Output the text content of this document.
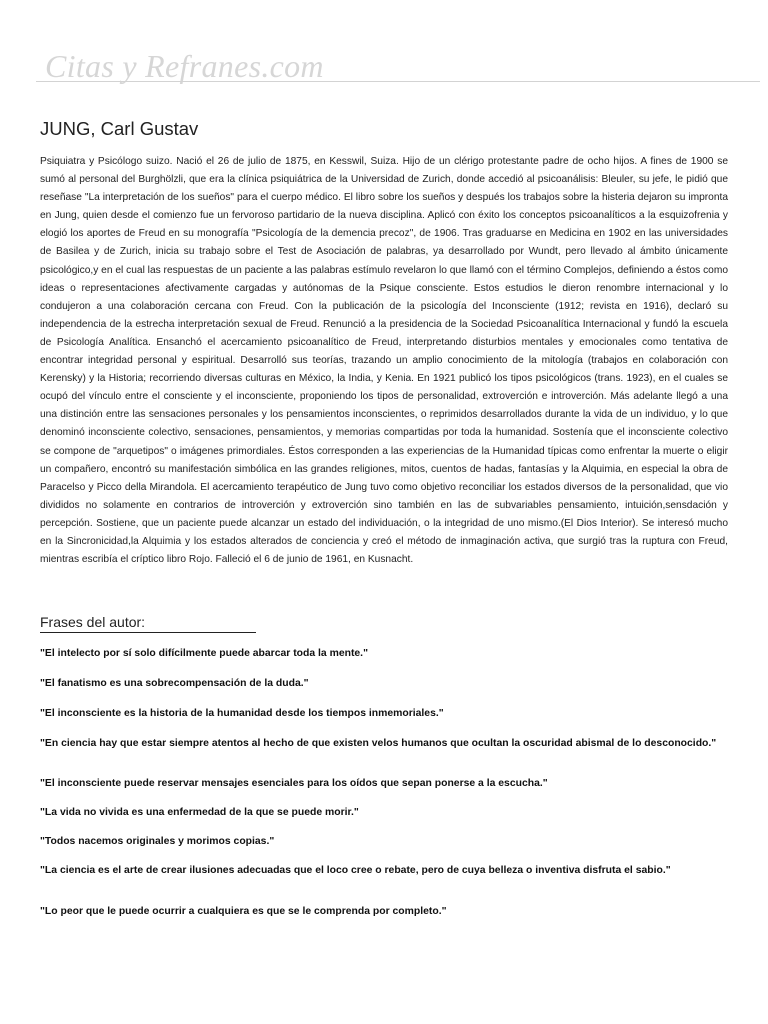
Citas y Refranes.com
JUNG, Carl Gustav

Psiquiatra y Psicólogo suizo. Nació el 26 de julio de 1875, en Kesswil, Suiza. Hijo de un clérigo protestante padre de ocho hijos. A fines de 1900 se sumó al personal del Burghölzli, que era la clínica psiquiátrica de la Universidad de Zurich, donde accedió al psicoanálisis: Bleuler, su jefe, le pidió que reseñase "La interpretación de los sueños" para el cuerpo médico. El libro sobre los sueños y después los trabajos sobre la histeria dejaron su impronta en Jung, quien desde el comienzo fue un fervoroso partidario de la nueva disciplina. Aplicó con éxito los conceptos psicoanalíticos a la esquizofrenia y elogió los aportes de Freud en su monografía "Psicología de la demencia precoz", de 1906. Tras graduarse en Medicina en 1902 en las universidades de Basilea y de Zurich, inicia su trabajo sobre el Test de Asociación de palabras, ya desarrollado por Wundt, pero llevado al ámbito únicamente psicológico,y en el cual las respuestas de un paciente a las palabras estímulo revelaron lo que llamó con el término Complejos, definiendo a éstos como ideas o representaciones afectivamente cargadas y autónomas de la Psique consciente. Estos estudios le dieron renombre internacional y lo condujeron a una colaboración cercana con Freud. Con la publicación de la psicología del Inconsciente (1912; revista en 1916), declaró su independencia de la estrecha interpretación sexual de Freud. Renunció a la presidencia de la Sociedad Psicoanalítica Internacional y fundó la escuela de Psicología Analítica. Ensanchó el acercamiento psicoanalítico de Freud, interpretando disturbios mentales y emocionales como tentativa de encontrar integridad personal y espiritual. Desarrolló sus teorías, trazando un amplio conocimiento de la mitología (trabajos en colaboración con Kerensky) y la Historia; recorriendo diversas culturas en México, la India, y Kenia. En 1921 publicó los tipos psicológicos (trans. 1923), en el cuales se ocupó del vínculo entre el consciente y el inconsciente, proponiendo los tipos de personalidad, extroverción e introverción. Más adelante llegó a una una distinción entre las sensaciones personales y los pensamientos inconscientes, o reprimidos desarrollados durante la vida de un individuo, y lo que denominó inconsciente colectivo, sensaciones, pensamientos, y memorias compartidas por toda la humanidad. Sostenía que el inconsciente colectivo se compone de "arquetipos" o imágenes primordiales. Éstos corresponden a las experiencias de la Humanidad típicas como enfrentar la muerte o eligir un compañero, encontró su manifestación simbólica en las grandes religiones, mitos, cuentos de hadas, fantasías y la Alquimia, en especial la obra de Paracelso y Picco della Mirandola. El acercamiento terapéutico de Jung tuvo como objetivo reconciliar los estados diversos de la personalidad, que vio divididos no solamente en contrarios de introverción y extroverción sino también en las de subvariables pensamiento, intuición,sensdación y percepción. Sostiene, que un paciente puede alcanzar un estado del individuación, o la integridad de uno mismo.(El Dios Interior). Se interesó mucho en la Sincronicidad,la Alquimia y los estados alterados de conciencia y creó el método de inmaginación activa, que surgió tras la ruptura con Freud, mientras escribía el críptico libro Rojo. Falleció el 6 de junio de 1961, en Kusnacht.

Frases del autor:

"El intelecto por sí solo difícilmente puede abarcar toda la mente."

"El fanatismo es una sobrecompensación de la duda."

"El inconsciente es la historia de la humanidad desde los tiempos inmemoriales."

"En ciencia hay que estar siempre atentos al hecho de que existen velos humanos que ocultan la oscuridad abismal de lo desconocido."

"El inconsciente puede reservar mensajes esenciales para los oídos que sepan ponerse a la escucha."

"La vida no vivida es una enfermedad de la que se puede morir."

"Todos nacemos originales y morimos copias."

"La ciencia es el arte de crear ilusiones adecuadas que el loco cree o rebate, pero de cuya belleza o inventiva disfruta el sabio."

"Lo peor que le puede ocurrir a cualquiera es que se le comprenda por completo."
